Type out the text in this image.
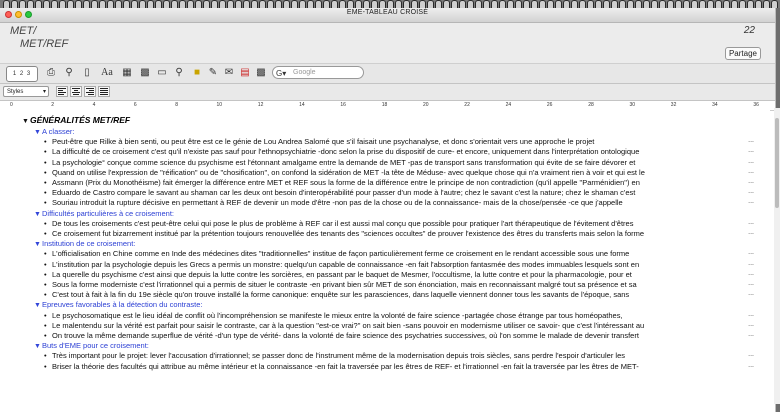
EME-TABLEAU CROISÉ
MET/
MET/REF
22
Partage
1 2 3	⎙	⚲	▯	Aa ▦ ▩ ▭ ⚲	■ ✎ ✉ ▤ ▩ G▾ Google
Styles	▾
0	2	4	6	8	10	12	14	16	18	20	22	24	26	28	30	32	34	36
▼GÉNÉRALITÉS MET/REF
▼A classer:
• Peut-être que Rilke à bien senti, ou peut être est ce le génie de Lou Andrea Salomé que s'il faisait une psychanalyse, et donc s'orientait vers une approche le projet	...
• La difficulté de ce croisement c'est qu'il n'existe pas sauf pour l'ethnopsychiatrie -donc selon la prise du dispositif de cure- et encore, uniquement dans l'interprétation ontologique	...
• La psychologie° conçue comme science du psychisme est l'étonnant amalgame entre la demande de MET -pas de transport sans transformation qui évite de se faire dévorer et	...
• Quand on utilise l'expression de "réification" ou de "chosification", on confond la sidération de MET -la tête de Méduse- avec quelque chose qui n'a vraiment rien à voir et qui est le	...
• Assmann (Prix du Monothéisme) fait émerger la différence entre MET et REF sous la forme de la différence entre le principe de non contradiction (qu'il appelle "Parménidien") en	...
• Eduardo de Castro compare le savant au shaman car les deux ont besoin d'interopérabilité pour passer d'un mode à l'autre; chez le savant c'est la nature; chez le shaman c'est	...
• Souriau introduit la rupture décisive en permettant à REF de devenir un mode d'être -non pas de la chose ou de la connaissance- mais de la chose/pensée -ce que j'appelle	...
▼Difficultés particulières à ce croisement:
• De tous les croisements c'est peut-être celui qui pose le plus de problème à REF car il est aussi mal conçu que possible pour pratiquer l'art thérapeutique de l'évitement d'êtres	...
• Ce croisement fut bizarrement institué par la prétention toujours renouvellée des tenants des "sciences occultes" de prouver l'existence des êtres du transferts mais selon la forme	...
▼Institution de ce croisement:
• L'officialisation en Chine comme en Inde des médecines dites "traditionnelles" institue de façon particulièrement ferme ce croisement en le rendant accessible sous une forme	...
• L'institution par la psychologie depuis les Grecs a permis un monstre: quelqu'un capable de connaissance -en fait l'absorption fantasmée des modes immuables lesquels sont en	...
• La querelle du psychisme c'est ainsi que depuis la lutte contre les sorcières, en passant par le baquet de Mesmer, l'occultisme, la lutte contre et pour la pharmacologie, pour et	...
• Sous la forme moderniste c'est l'irrationnel qui a permis de situer le contraste -en privant bien sûr MET de son énonciation, mais en reconnaissant malgré tout sa présence et sa	...
• C'est tout à fait à la fin du 19e siècle qu'on trouve installé la forme canonique: enquête sur les parasciences, dans laquelle viennent donner tous les savants de l'époque, sans	...
▼Epreuves favorables à la détection du contraste:
• Le psychosomatique est le lieu idéal de conflit où l'incompréhension se manifeste le mieux entre la volonté de faire science -partagée chose étrange par tous homéopathes,	...
• Le malentendu sur la vérité est parfait pour saisir le contraste, car à la question "est-ce vrai?" on sait bien -sans pouvoir en modernisme utiliser ce savoir- que c'est l'intéressant au	...
• On trouve la même demande superflue de vérité -d'un type de vérité- dans la volonté de faire science des psychatries successives, où l'on somme le malade de devenir transfert	...
▼Buts d'EME pour ce croisement:
• Très important pour le projet: lever l'accusation d'irrationnel; se passer donc de l'instrument même de la modernisation depuis trois siècles, sans perdre l'espoir d'articuler les	...
• Briser la théorie des facultés qui attribue au même intérieur et la connaissance -en fait la traversée par les êtres de REF- et l'irrationnel -en fait la traversée par les êtres de MET-	...
